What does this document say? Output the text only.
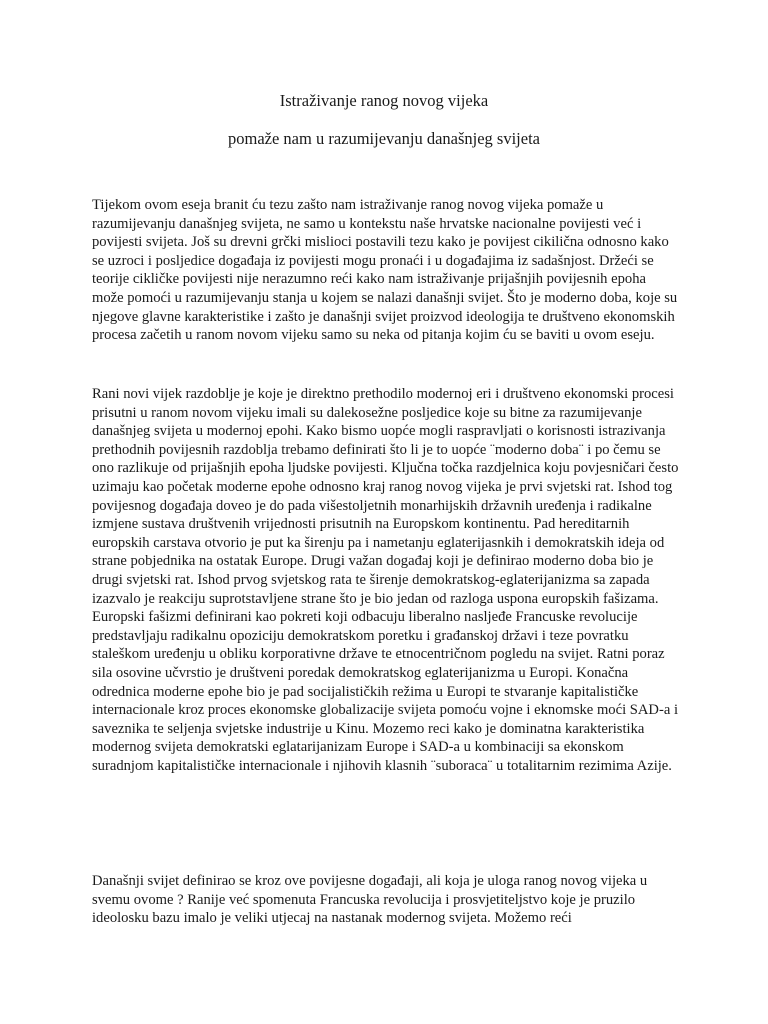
Istraživanje ranog novog vijeka
pomaže nam u razumijevanju današnjeg svijeta

Tijekom ovom eseja branit ću tezu zašto nam istraživanje ranog novog vijeka pomaže u razumijevanju današnjeg svijeta, ne samo u kontekstu naše hrvatske nacionalne povijesti već i povijesti svijeta. Još su drevni grčki mislioci postavili tezu kako je povijest cikilična odnosno kako se uzroci i posljedice događaja iz povijesti mogu pronaći i u događajima iz sadašnjost. Držeći se teorije cikličke povijesti nije nerazumno reći kako nam istraživanje prijašnjih povijesnih epoha može pomoći u razumijevanju stanja u kojem se nalazi današnji svijet. Što je moderno doba, koje su njegove glavne karakteristike i zašto je današnji svijet proizvod ideologija te društveno ekonomskih procesa začetih u ranom novom vijeku samo su neka od pitanja kojim ću se baviti u ovom eseju.

Rani novi vijek razdoblje je koje je direktno prethodilo modernoj eri i društveno ekonomski procesi prisutni u ranom novom vijeku imali su dalekosežne posljedice koje su bitne za razumijevanje današnjeg svijeta u modernoj epohi. Kako bismo uopće mogli raspravljati o korisnosti istrazivanja prethodnih povijesnih razdoblja trebamo definirati što li je to uopće ¨moderno doba¨ i po čemu se ono razlikuje od prijašnjih epoha ljudske povijesti. Ključna točka razdjelnica koju povjesničari često uzimaju kao početak moderne epohe odnosno kraj ranog novog vijeka je prvi svjetski rat. Ishod tog povijesnog događaja doveo je do pada višestoljetnih monarhijskih državnih uređenja i radikalne izmjene sustava društvenih vrijednosti prisutnih na Europskom kontinentu. Pad hereditarnih europskih carstava otvorio je put ka širenju pa i nametanju eglaterijasnkih i demokratskih ideja od strane pobjednika na ostatak Europe. Drugi važan događaj koji je definirao moderno doba bio je drugi svjetski rat. Ishod prvog svjetskog rata te širenje demokratskog-eglaterijanizma sa zapada izazvalo je reakciju suprotstavljene strane što je bio jedan od razloga uspona europskih fašizama. Europski fašizmi definirani kao pokreti koji odbacuju liberalno nasljeđe Francuske revolucije predstavljaju radikalnu opoziciju demokratskom poretku i građanskoj državi i teze povratku staleškom uređenju u obliku korporativne države te etnocentričnom pogledu na svijet. Ratni poraz sila osovine učvrstio je društveni poredak demokratskog eglaterijanizma u Europi. Konačna odrednica moderne epohe bio je pad socijalističkih režima u Europi te stvaranje kapitalističke internacionale kroz proces ekonomske globalizacije svijeta pomoću vojne i eknomske moći SAD-a i saveznika te seljenja svjetske industrije u Kinu. Mozemo reci kako je dominatna karakteristika modernog svijeta demokratski eglatarijanizam Europe i SAD-a u kombinaciji sa ekonskom suradnjom kapitalističke internacionale i njihovih klasnih ¨suboraca¨ u totalitarnim rezimima Azije.

Današnji svijet definirao se kroz ove povijesne događaji, ali koja je uloga ranog novog vijeka u svemu ovome ? Ranije već spomenuta Francuska revolucija i prosvjetiteljstvo koje je pruzilo ideolosku bazu imalo je veliki utjecaj na nastanak modernog svijeta. Možemo reći
